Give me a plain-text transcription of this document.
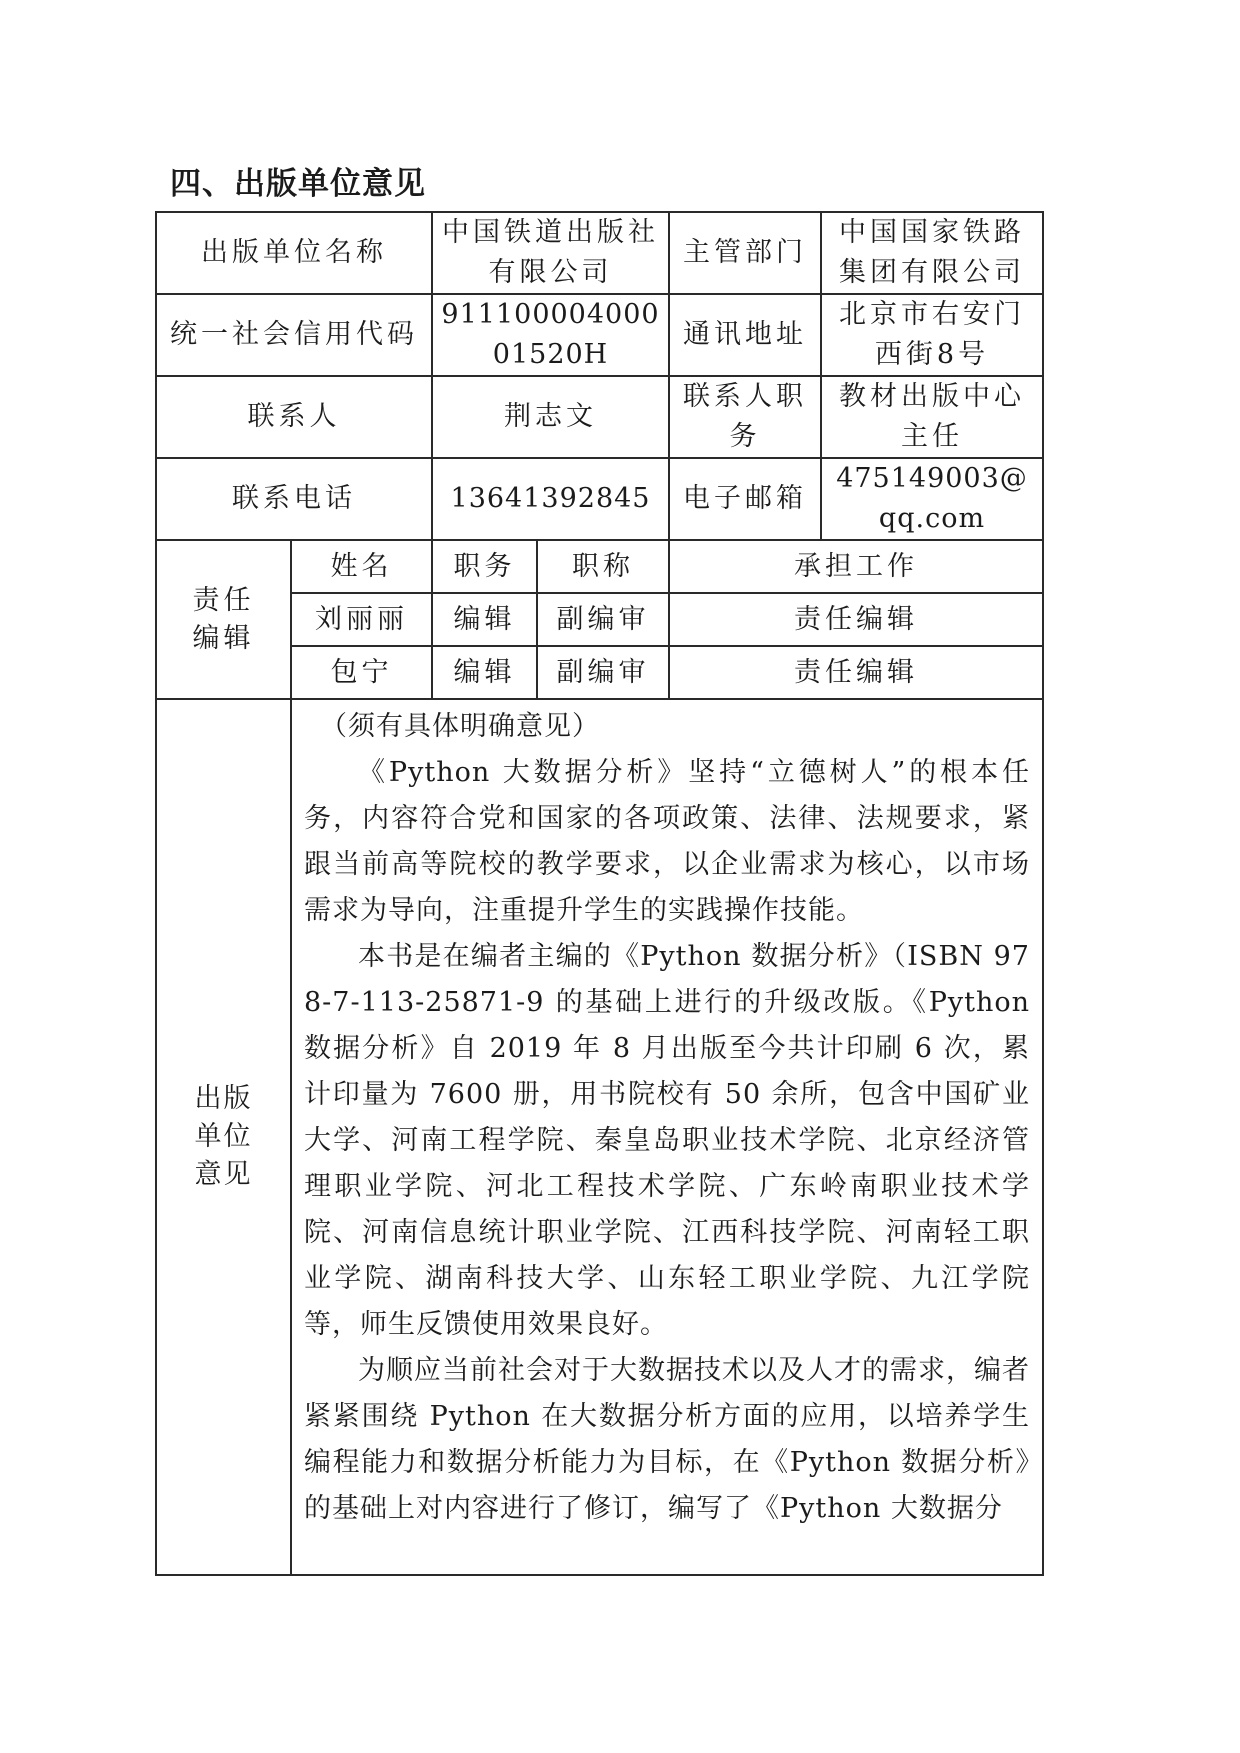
四、出版单位意见
出版单位名称		中国铁道出版社有限公司		主管部门	中国国家铁路集团有限公司
统一社会信用代码		91110000400001520H		通讯地址	北京市右安门西街8号
联系人		荆志文		联系人职务	教材出版中心主任
联系电话		13641392845		电子邮箱	475149003@qq.com
责任编辑	姓名	职务	职称	承担工作	
	刘丽丽	编辑	副编审	责任编辑	
	包宁	编辑	副编审	责任编辑	
出版单位意见	（须有具体明确意见）

《Python 大数据分析》坚持“立德树人”的根本任务，内容符合党和国家的各项政策、法律、法规要求，紧跟当前高等院校的教学要求，以企业需求为核心，以市场需求为导向，注重提升学生的实践操作技能。

本书是在编者主编的《Python 数据分析》（ISBN 978-7-113-25871-9 的基础上进行的升级改版。《Python 数据分析》自 2019 年 8 月出版至今共计印刷 6 次，累计印量为 7600 册，用书院校有 50 余所，包含中国矿业大学、河南工程学院、秦皇岛职业技术学院、北京经济管理职业学院、河北工程技术学院、广东岭南职业技术学院、河南信息统计职业学院、江西科技学院、河南轻工职业学院、湖南科技大学、山东轻工职业学院、九江学院等，师生反馈使用效果良好。

为顺应当前社会对于大数据技术以及人才的需求，编者紧紧围绕 Python 在大数据分析方面的应用，以培养学生编程能力和数据分析能力为目标，在《Python 数据分析》的基础上对内容进行了修订，编写了《Python 大数据分				
